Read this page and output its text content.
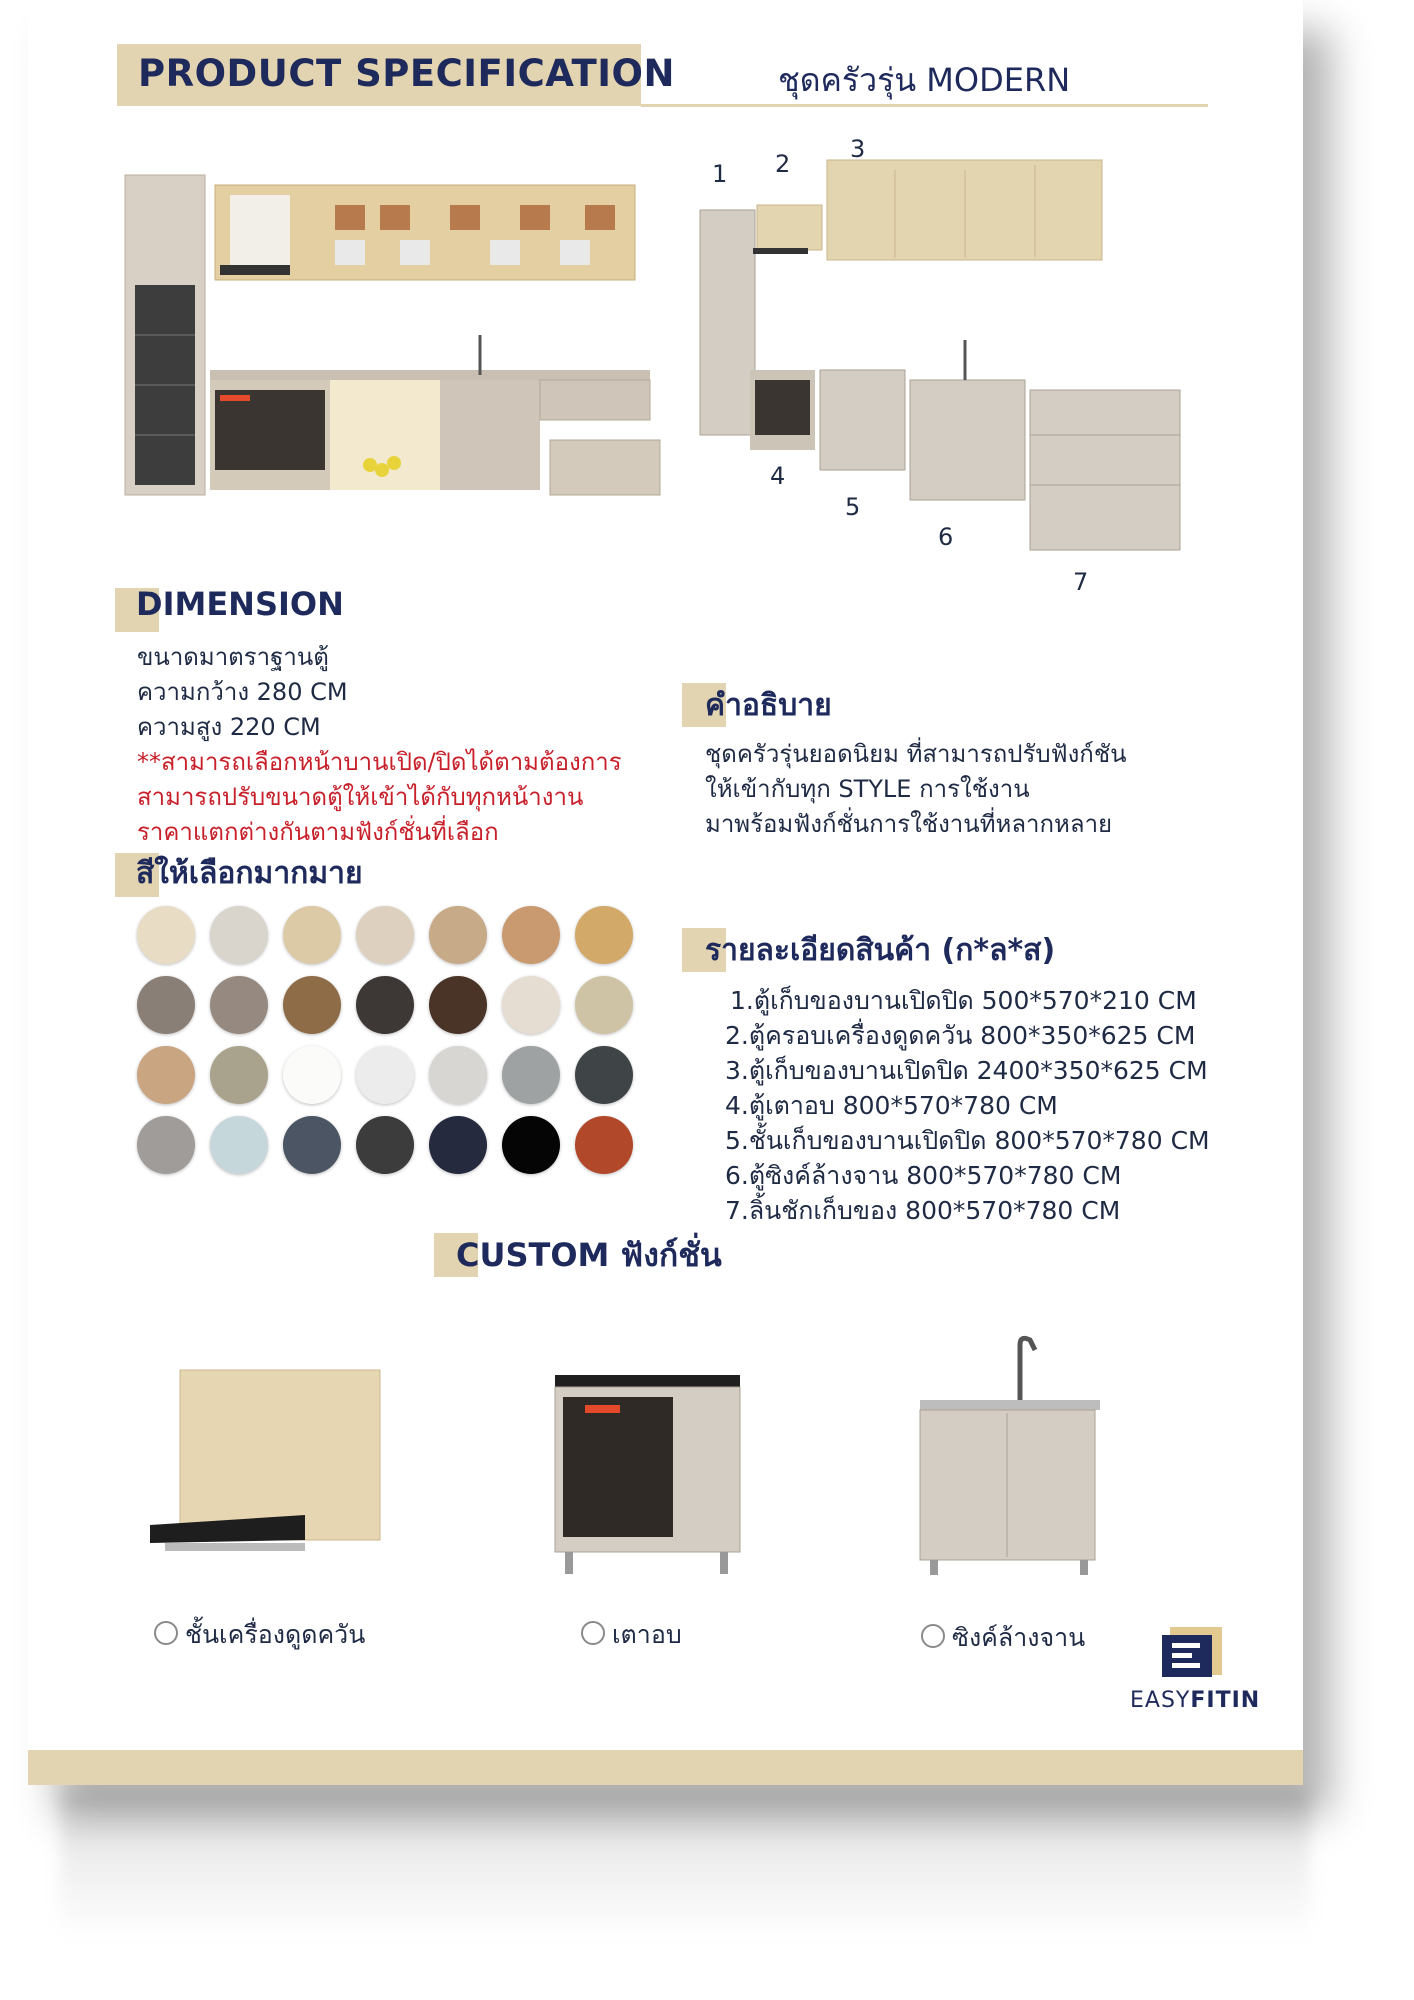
PRODUCT SPECIFICATION	ชุดครัวรุ่น MODERN
1 2
3
4
5
6
7
DIMENSION
ขนาดมาตราฐานตู้
ความกว้าง 280 CM
ความสูง 220 CM
**สามารถเลือกหน้าบานเปิด/ปิดได้ตามต้องการ
สามารถปรับขนาดตู้ให้เข้าได้กับทุกหน้างาน
ราคาแตกต่างกันตามฟังก์ชั่นที่เลือก
สีให้เลือกมากมาย
คำอธิบาย
ชุดครัวรุ่นยอดนิยม ที่สามารถปรับฟังก์ชัน
ให้เข้ากับทุก STYLE การใช้งาน
มาพร้อมฟังก์ชั่นการใช้งานที่หลากหลาย
รายละเอียดสินค้า (ก*ล*ส)
1.ตู้เก็บของบานเปิดปิด 500*570*210 CM
2.ตู้ครอบเครื่องดูดควัน 800*350*625 CM
3.ตู้เก็บของบานเปิดปิด 2400*350*625 CM
4.ตู้เตาอบ 800*570*780 CM
5.ชั้นเก็บของบานเปิดปิด 800*570*780 CM
6.ตู้ซิงค์ล้างจาน 800*570*780 CM
7.ลิ้นชักเก็บของ 800*570*780 CM
CUSTOM ฟังก์ชั่น
ชั้นเครื่องดูดควัน	เตาอบ	ซิงค์ล้างจาน
EASYFITIN
